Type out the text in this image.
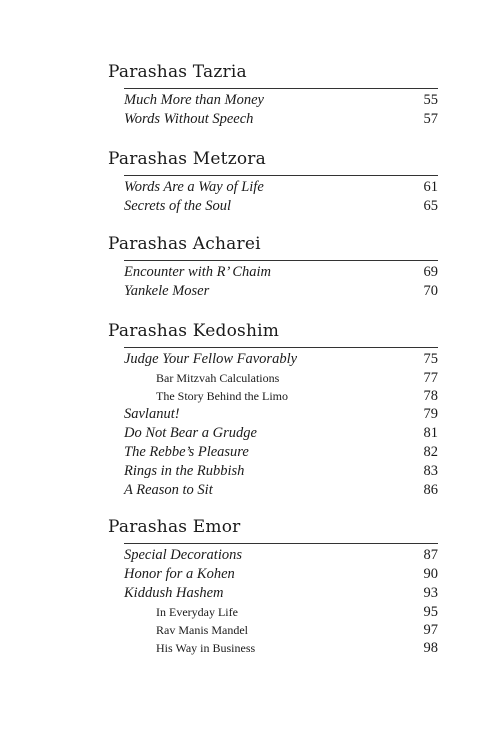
Parashas Tazria
Much More than Money	55
Words Without Speech	57
Parashas Metzora
Words Are a Way of Life	61
Secrets of the Soul	65
Parashas Acharei
Encounter with R’ Chaim	69
Yankele Moser	70
Parashas Kedoshim
Judge Your Fellow Favorably	75
Bar Mitzvah Calculations	77
The Story Behind the Limo	78
Savlanut!	79
Do Not Bear a Grudge	81
The Rebbe’s Pleasure	82
Rings in the Rubbish	83
A Reason to Sit	86
Parashas Emor
Special Decorations	87
Honor for a Kohen	90
Kiddush Hashem	93
In Everyday Life	95
Rav Manis Mandel	97
His Way in Business	98
